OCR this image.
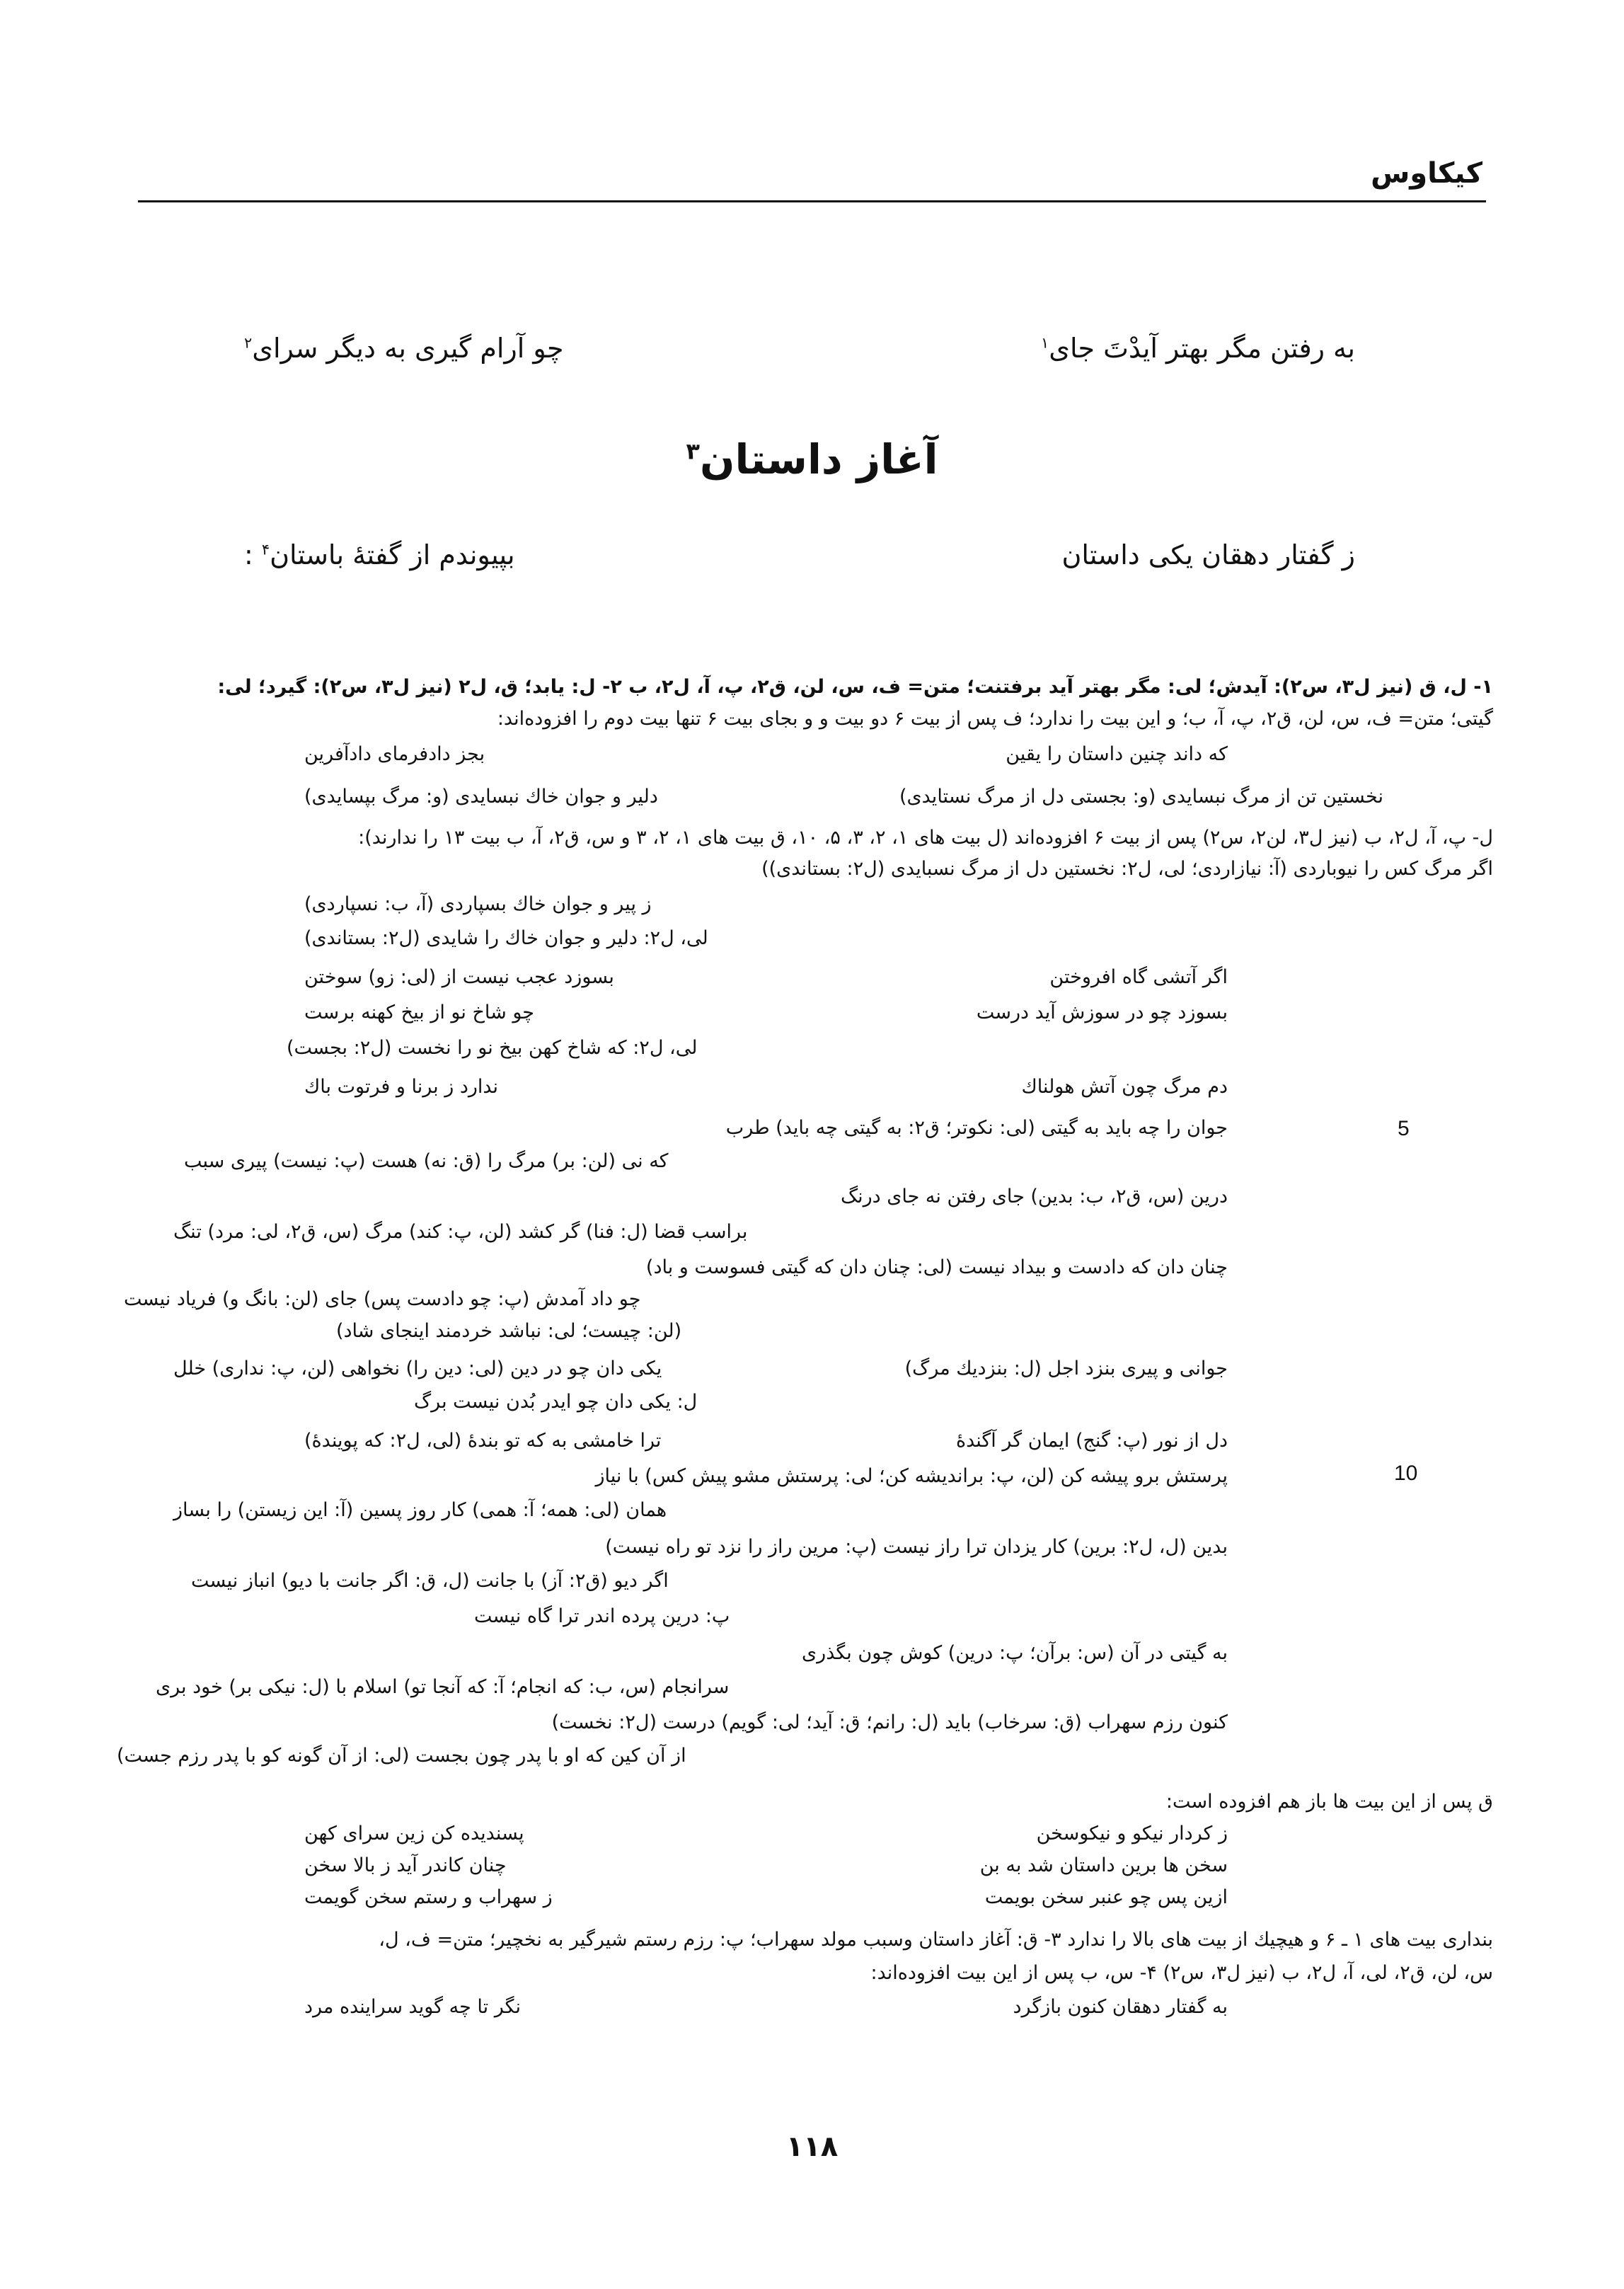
کیکاوس
به رفتن مگر بهتر آیدْتَ جای$^۱$
چو آرام گیری به دیگر سرای$^۲$
آغاز داستان$^۳$
ز گفتار دهقان یکی داستان
بپیوندم از گفتهٔ باستان$^۴$ :
۱- ل، ق (نیز ل۳، س۲): آیدش؛ لی: مگر بهتر آید برفتنت؛ متن= ف، س، لن، ق۲، پ، آ، ل۲، ب ۲- ل: یابد؛ ق، ل۲ (نیز ل۳، س۲): گیرد؛ لی:
گیتی؛ متن= ف، س، لن، ق۲، پ، آ، ب؛ و این بیت را ندارد؛ ف پس از بیت ۶ دو بیت و و بجای بیت ۶ تنها بیت دوم را افزوده‌اند:
که داند چنین داستان را یقین
بجز دادفرمای دادآفرین
نخستین تن از مرگ نبسایدی (و: بجستی دل از مرگ نستایدی)
دلیر و جوان خاك نبسایدی (و: مرگ بپسایدی)
ل- پ، آ، ل۲، ب (نیز ل۳، لن۲، س۲) پس از بیت ۶ افزوده‌اند (ل بیت های ۱، ۲، ۳، ۵، ۱۰، ق بیت های ۱، ۲، ۳ و س، ق۲، آ، ب بیت ۱۳ را ندارند):
اگر مرگ کس را نیوباردی (آ: نیازاردی؛ لی، ل۲: نخستین دل از مرگ نسبایدی (ل۲: بستاندی))
ز پیر و جوان خاك بسپاردی (آ، ب: نسپاردی)
لی، ل۲: دلیر و جوان خاك را شایدی (ل۲: بستاندی)
اگر آتشی گاه افروختن
بسوزد عجب نیست از (لی: زو) سوختن
بسوزد چو در سوزش آید درست
چو شاخ نو از بیخ کهنه برست
لی، ل۲: که شاخ کهن بیخ نو را نخست (ل۲: بجست)
دم مرگ چون آتش هولناك
ندارد ز برنا و فرتوت باك
5
جوان را چه باید به گیتی (لی: نکوتر؛ ق۲: به گیتی چه باید) طرب
که نی (لن: بر) مرگ را (ق: نه) هست (پ: نیست) پیری سبب
درین (س، ق۲، ب: بدین) جای رفتن نه جای درنگ
براسب قضا (ل: فنا) گر کشد (لن، پ: کند) مرگ (س، ق۲، لی: مرد) تنگ
چنان دان که دادست و بیداد نیست (لی: چنان دان که گیتی فسوست و باد)
چو داد آمدش (پ: چو دادست پس) جای (لن: بانگ و) فریاد نیست
(لن: چیست؛ لی: نباشد خردمند اینجای شاد)
جوانی و پیری بنزد اجل (ل: بنزدیك مرگ)
یکی دان چو در دین (لی: دین را) نخواهی (لن، پ: نداری) خلل
ل: یکی دان چو ایدر بُدن نیست برگ
دل از نور (پ: گنج) ایمان گر آگندهٔ
ترا خامشی به که تو بندهٔ (لی، ل۲: که پویندهٔ)
10
پرستش برو پیشه کن (لن، پ: براندیشه کن؛ لی: پرستش مشو پیش کس) با نیاز
همان (لی: همه؛ آ: همی) کار روز پسین (آ: این زیستن) را بساز
بدین (ل، ل۲: برین) کار یزدان ترا راز نیست (پ: مرین راز را نزد تو راه نیست)
اگر دیو (ق۲: آز) با جانت (ل، ق: اگر جانت با دیو) انباز نیست
پ: درین پرده اندر ترا گاه نیست
به گیتی در آن (س: برآن؛ پ: درین) کوش چون بگذری
سرانجام (س، ب: که انجام؛ آ: که آنجا تو) اسلام با (ل: نیکی بر) خود بری
کنون رزم سهراب (ق: سرخاب) باید (ل: رانم؛ ق: آید؛ لی: گویم) درست (ل۲: نخست)
از آن کین که او با پدر چون بجست (لی: از آن گونه کو با پدر رزم جست)
ق پس از این بیت ها باز هم افزوده است:
ز کردار نیکو و نیکوسخن
پسندیده کن زین سرای کهن
سخن ها برین داستان شد به بن
چنان کاندر آید ز بالا سخن
ازین پس چو عنبر سخن بویمت
ز سهراب و رستم سخن گویمت
بنداری بیت های ۱ ـ ۶ و هیچیك از بیت های بالا را ندارد ۳- ق: آغاز داستان وسبب مولد سهراب؛ پ: رزم رستم شیرگیر به نخچیر؛ متن= ف، ل،
س، لن، ق۲، لی، آ، ل۲، ب (نیز ل۳، س۲) ۴- س، ب پس از این بیت افزوده‌اند:
به گفتار دهقان کنون بازگرد
نگر تا چه گوید سراینده مرد
۱۱۸
